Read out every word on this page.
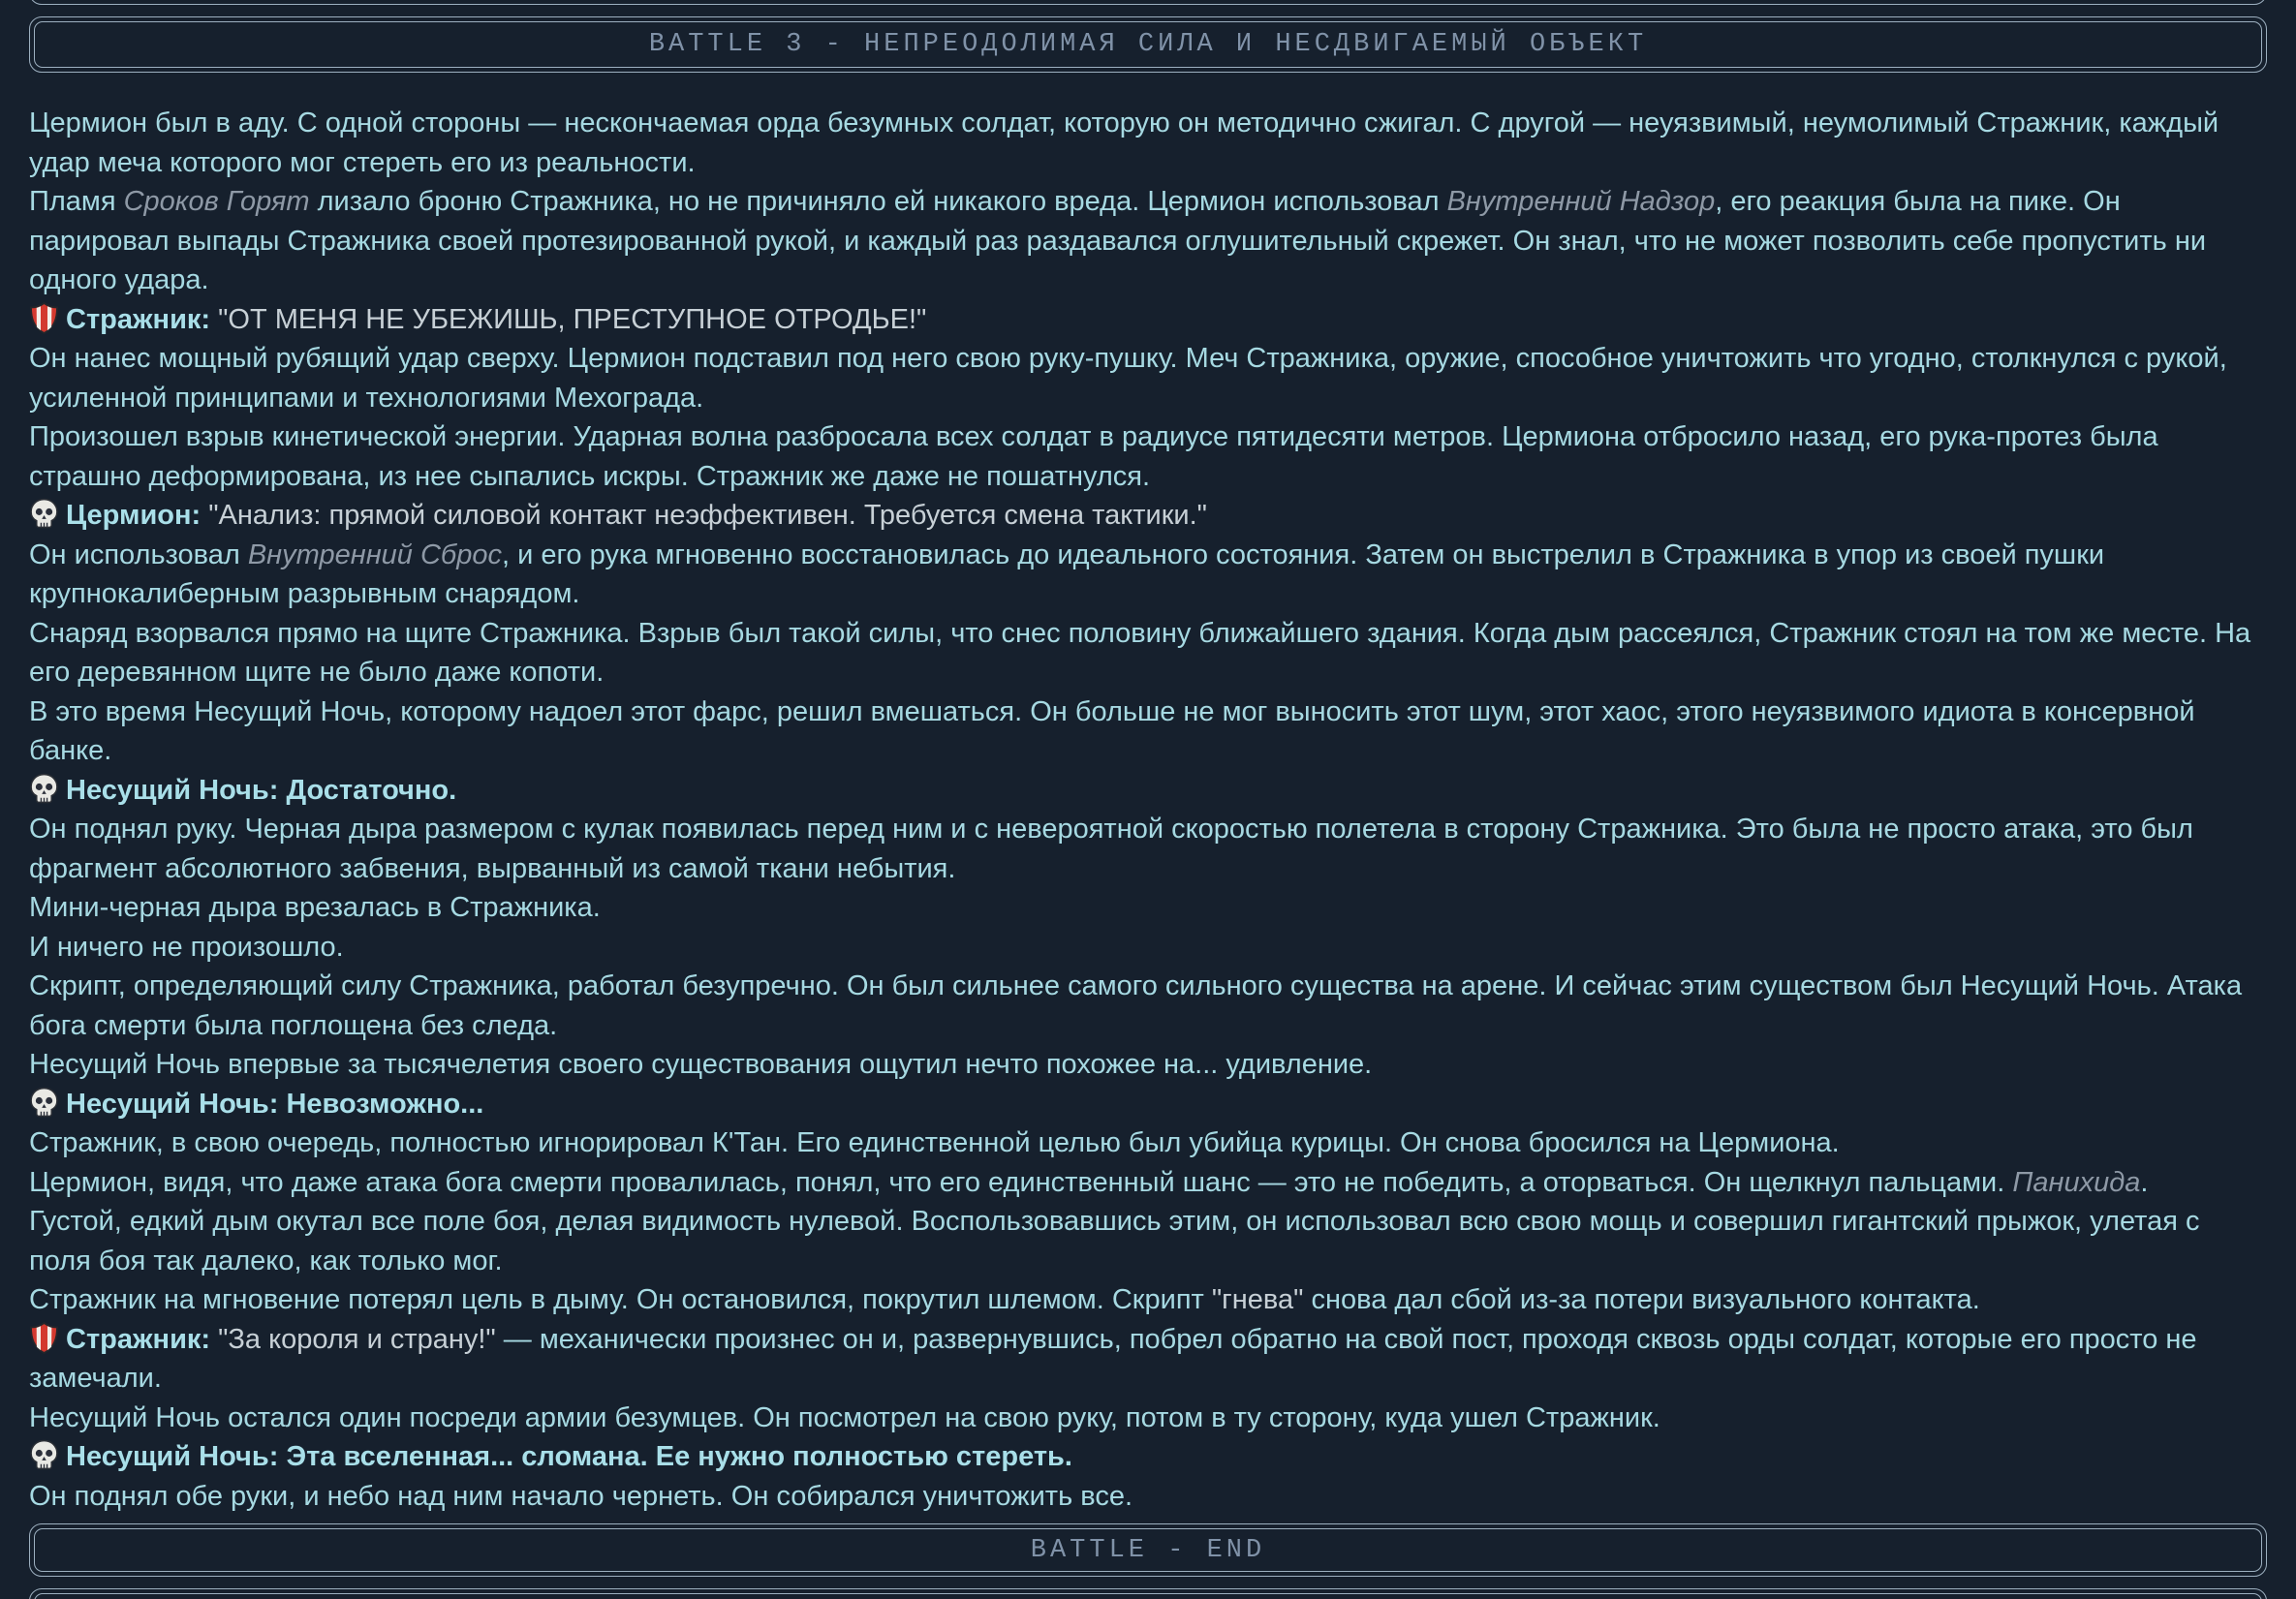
BATTLE 3 - НЕПРЕОДОЛИМАЯ СИЛА И НЕСДВИГАЕМЫЙ ОБЪЕКТ

Цермион был в аду. С одной стороны — нескончаемая орда безумных солдат, которую он методично сжигал. С другой — неуязвимый, неумолимый Стражник, каждый удар меча которого мог стереть его из реальности.

Пламя Сроков Горят лизало броню Стражника, но не причиняло ей никакого вреда. Цермион использовал Внутренний Надзор, его реакция была на пике. Он парировал выпады Стражника своей протезированной рукой, и каждый раз раздавался оглушительный скрежет. Он знал, что не может позволить себе пропустить ни одного удара.

Стражник: "ОТ МЕНЯ НЕ УБЕЖИШЬ, ПРЕСТУПНОЕ ОТРОДЬЕ!"

Он нанес мощный рубящий удар сверху. Цермион подставил под него свою руку-пушку. Меч Стражника, оружие, способное уничтожить что угодно, столкнулся с рукой, усиленной принципами и технологиями Мехограда.

Произошел взрыв кинетической энергии. Ударная волна разбросала всех солдат в радиусе пятидесяти метров. Цермиона отбросило назад, его рука-протез была страшно деформирована, из нее сыпались искры. Стражник же даже не пошатнулся.

Цермион: "Анализ: прямой силовой контакт неэффективен. Требуется смена тактики."

Он использовал Внутренний Сброс, и его рука мгновенно восстановилась до идеального состояния. Затем он выстрелил в Стражника в упор из своей пушки крупнокалиберным разрывным снарядом.

Снаряд взорвался прямо на щите Стражника. Взрыв был такой силы, что снес половину ближайшего здания. Когда дым рассеялся, Стражник стоял на том же месте. На его деревянном щите не было даже копоти.

В это время Несущий Ночь, которому надоел этот фарс, решил вмешаться. Он больше не мог выносить этот шум, этот хаос, этого неуязвимого идиота в консервной банке.

Несущий Ночь: Достаточно.

Он поднял руку. Черная дыра размером с кулак появилась перед ним и с невероятной скоростью полетела в сторону Стражника. Это была не просто атака, это был фрагмент абсолютного забвения, вырванный из самой ткани небытия.

Мини-черная дыра врезалась в Стражника.

И ничего не произошло.

Скрипт, определяющий силу Стражника, работал безупречно. Он был сильнее самого сильного существа на арене. И сейчас этим существом был Несущий Ночь. Атака бога смерти была поглощена без следа.

Несущий Ночь впервые за тысячелетия своего существования ощутил нечто похожее на... удивление.

Несущий Ночь: Невозможно...

Стражник, в свою очередь, полностью игнорировал К'Тан. Его единственной целью был убийца курицы. Он снова бросился на Цермиона.

Цермион, видя, что даже атака бога смерти провалилась, понял, что его единственный шанс — это не победить, а оторваться. Он щелкнул пальцами. Панихида.

Густой, едкий дым окутал все поле боя, делая видимость нулевой. Воспользовавшись этим, он использовал всю свою мощь и совершил гигантский прыжок, улетая с поля боя так далеко, как только мог.

Стражник на мгновение потерял цель в дыму. Он остановился, покрутил шлемом. Скрипт "гнева" снова дал сбой из-за потери визуального контакта.

Стражник: "За короля и страну!" — механически произнес он и, развернувшись, побрел обратно на свой пост, проходя сквозь орды солдат, которые его просто не замечали.

Несущий Ночь остался один посреди армии безумцев. Он посмотрел на свою руку, потом в ту сторону, куда ушел Стражник.

Несущий Ночь: Эта вселенная... сломана. Ее нужно полностью стереть.

Он поднял обе руки, и небо над ним начало чернеть. Он собирался уничтожить все.

BATTLE - END
